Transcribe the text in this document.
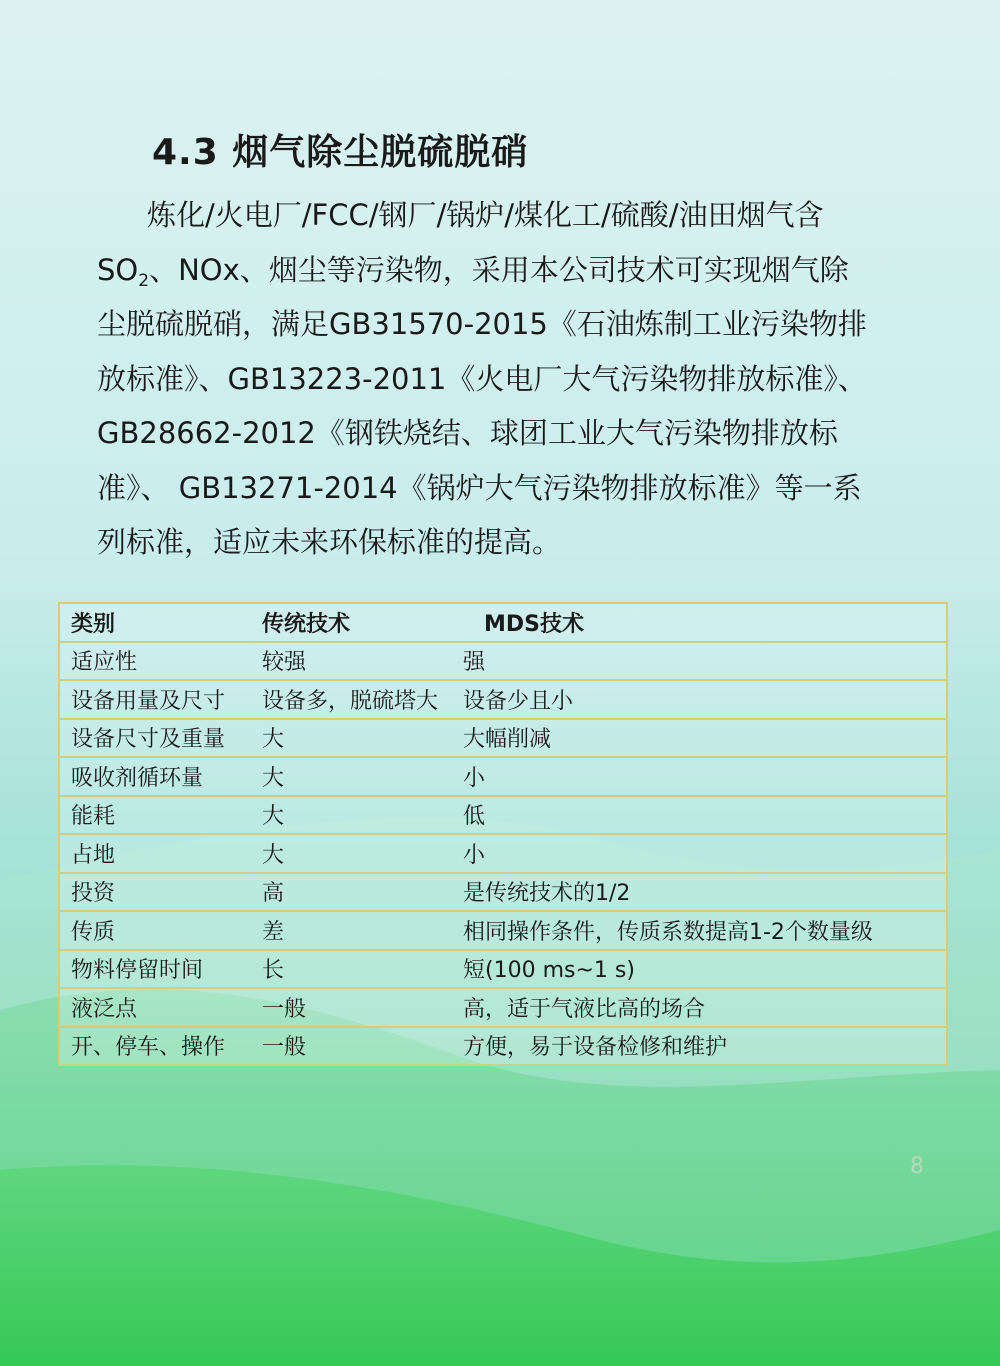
4.3 烟气除尘脱硫脱硝

炼化/火电厂/FCC/钢厂/锅炉/煤化工/硫酸/油田烟气含

$SO_2$、NOx、烟尘等污染物，采用本公司技术可实现烟气除

尘脱硫脱硝，满足GB31570-2015《石油炼制工业污染物排

放标准》、GB13223-2011《火电厂大气污染物排放标准》、

GB28662-2012《钢铁烧结、球团工业大气污染物排放标

准》、 GB13271-2014《锅炉大气污染物排放标准》等一系

列标准，适应未来环保标准的提高。

类别	传统技术	MDS技术
适应性	较强	强
设备用量及尺寸	设备多，脱硫塔大	设备少且小
设备尺寸及重量	大	大幅削减
吸收剂循环量	大	小
能耗	大	低
占地	大	小
投资	高	是传统技术的1/2
传质	差	相同操作条件，传质系数提高1-2个数量级
物料停留时间	长	短(100 ms~1 s)
液泛点	一般	高，适于气液比高的场合
开、停车、操作	一般	方便，易于设备检修和维护
8
